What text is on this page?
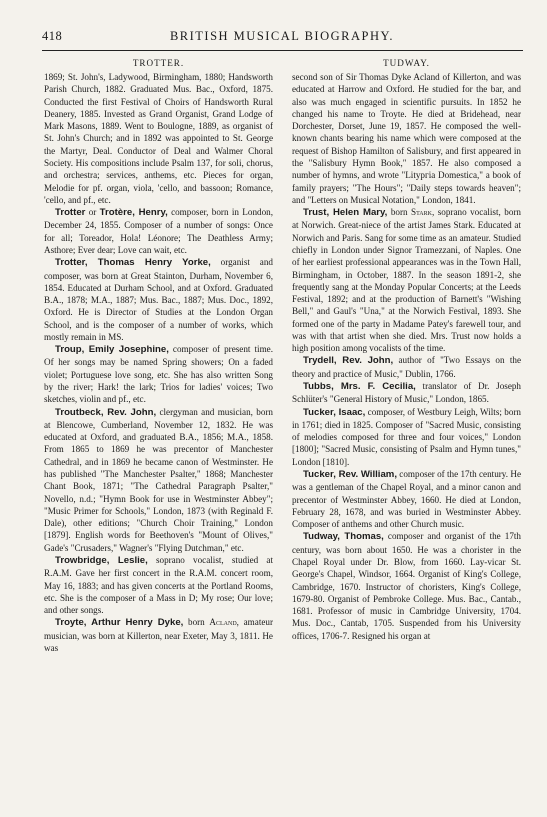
418	BRITISH MUSICAL BIOGRAPHY.
TROTTER.

1869; St. John's, Ladywood, Birmingham, 1880; Handsworth Parish Church, 1882. Graduated Mus. Bac., Oxford, 1875. Conducted the first Festival of Choirs of Handsworth Rural Deanery, 1885. Invested as Grand Organist, Grand Lodge of Mark Masons, 1889. Went to Boulogne, 1889, as organist of St. John's Church; and in 1892 was appointed to St. George the Martyr, Deal. Conductor of Deal and Walmer Choral Society. His compositions include Psalm 137, for soli, chorus, and orchestra; services, anthems, etc. Pieces for organ, Melodie for pf. organ, viola, 'cello, and bassoon; Romance, 'cello, and pf., etc.

Trotter or Trotère, Henry, composer, born in London, December 24, 1855. Composer of a number of songs: Once for all; Toreador, Hola! Léonore; The Deathless Army; Asthore; Ever dear; Love can wait, etc.

Trotter, Thomas Henry Yorke, organist and composer, was born at Great Stainton, Durham, November 6, 1854. Educated at Durham School, and at Oxford. Graduated B.A., 1878; M.A., 1887; Mus. Bac., 1887; Mus. Doc., 1892, Oxford. He is Director of Studies at the London Organ School, and is the composer of a number of works, which mostly remain in MS.

Troup, Emily Josephine, composer of present time. Of her songs may be named Spring showers; On a faded violet; Portuguese love song, etc. She has also written Song by the river; Hark! the lark; Trios for ladies' voices; Two sketches, violin and pf., etc.

Troutbeck, Rev. John, clergyman and musician, born at Blencowe, Cumberland, November 12, 1832. He was educated at Oxford, and graduated B.A., 1856; M.A., 1858. From 1865 to 1869 he was precentor of Manchester Cathedral, and in 1869 he became canon of Westminster. He has published "The Manchester Psalter," 1868; Manchester Chant Book, 1871; "The Cathedral Paragraph Psalter," Novello, n.d.; "Hymn Book for use in Westminster Abbey"; "Music Primer for Schools," London, 1873 (with Reginald F. Dale), other editions; "Church Choir Training," London [1879]. English words for Beethoven's "Mount of Olives," Gade's "Crusaders," Wagner's "Flying Dutchman," etc.

Trowbridge, Leslie, soprano vocalist, studied at R.A.M. Gave her first concert in the R.A.M. concert room, May 16, 1883; and has given concerts at the Portland Rooms, etc. She is the composer of a Mass in D; My rose; Our love; and other songs.

Troyte, Arthur Henry Dyke, born Acland, amateur musician, was born at Killerton, near Exeter, May 3, 1811. He was

TUDWAY.

second son of Sir Thomas Dyke Acland of Killerton, and was educated at Harrow and Oxford. He studied for the bar, and also was much engaged in scientific pursuits. In 1852 he changed his name to Troyte. He died at Bridehead, near Dorchester, Dorset, June 19, 1857. He composed the well-known chants bearing his name which were composed at the request of Bishop Hamilton of Salisbury, and first appeared in the "Salisbury Hymn Book," 1857. He also composed a number of hymns, and wrote "Litургia Domestica," a book of family prayers; "The Hours"; "Daily steps towards heaven"; and "Letters on Musical Notation," London, 1841.

Trust, Helen Mary, born Stark, soprano vocalist, born at Norwich. Great-niece of the artist James Stark. Educated at Norwich and Paris. Sang for some time as an amateur. Studied chiefly in London under Signor Tramezzani, of Naples. One of her earliest professional appearances was in the Town Hall, Birmingham, in October, 1887. In the season 1891-2, she frequently sang at the Monday Popular Concerts; at the Leeds Festival, 1892; and at the production of Barnett's "Wishing Bell," and Gaul's "Una," at the Norwich Festival, 1893. She formed one of the party in Madame Patey's farewell tour, and was with that artist when she died. Mrs. Trust now holds a high position among vocalists of the time.

Trydell, Rev. John, author of "Two Essays on the theory and practice of Music," Dublin, 1766.

Tubbs, Mrs. F. Cecilia, translator of Dr. Joseph Schlüter's "General History of Music," London, 1865.

Tucker, Isaac, composer, of Westbury Leigh, Wilts; born in 1761; died in 1825. Composer of "Sacred Music, consisting of melodies composed for three and four voices," London [1800]; "Sacred Music, consisting of Psalm and Hymn tunes," London [1810].

Tucker, Rev. William, composer of the 17th century. He was a gentleman of the Chapel Royal, and a minor canon and precentor of Westminster Abbey, 1660. He died at London, February 28, 1678, and was buried in Westminster Abbey. Composer of anthems and other Church music.

Tudway, Thomas, composer and organist of the 17th century, was born about 1650. He was a chorister in the Chapel Royal under Dr. Blow, from 1660. Lay-vicar St. George's Chapel, Windsor, 1664. Organist of King's College, Cambridge, 1670. Instructor of choristers, King's College, 1679-80. Organist of Pembroke College. Mus. Bac., Cantab., 1681. Professor of music in Cambridge University, 1704. Mus. Doc., Cantab, 1705. Suspended from his University offices, 1706-7. Resigned his organ at
